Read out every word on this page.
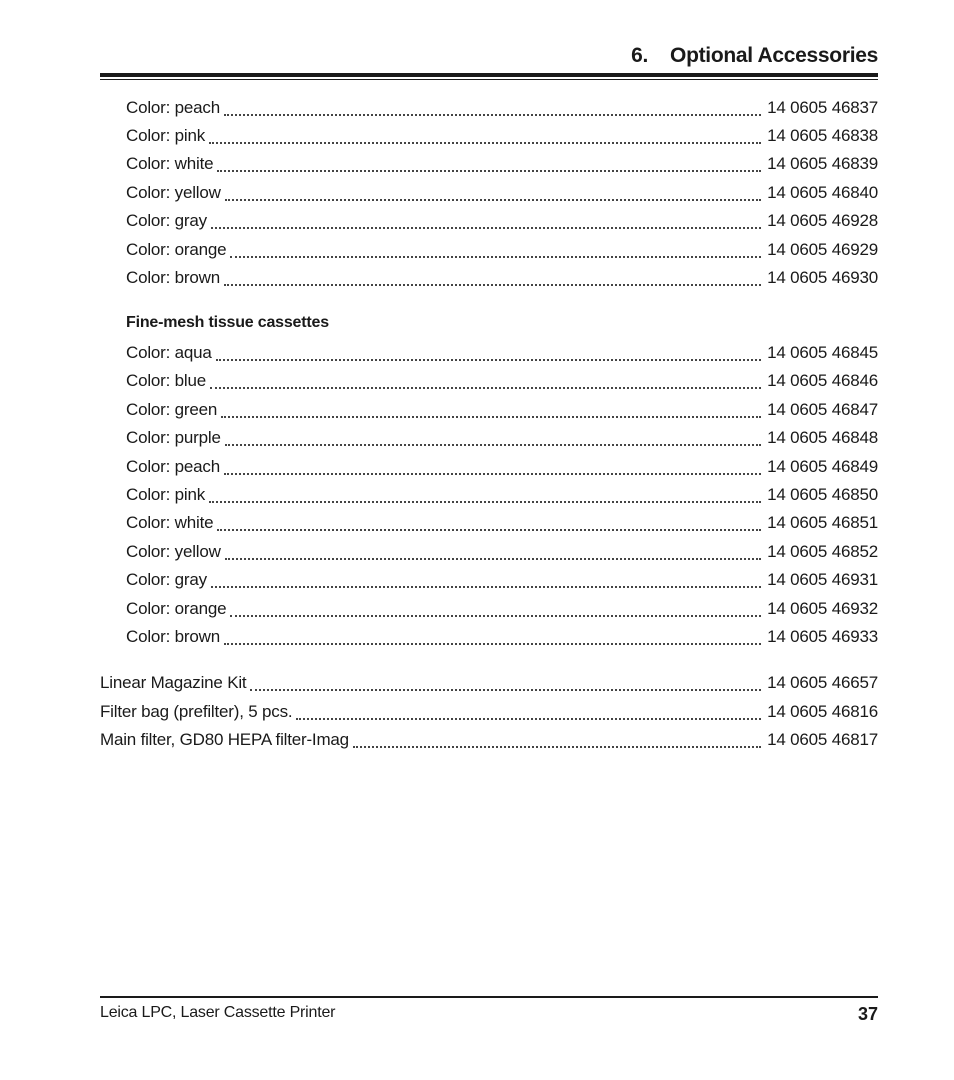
6. Optional Accessories
Color: peach	14 0605 46837
Color: pink	14 0605 46838
Color: white	14 0605 46839
Color: yellow	14 0605 46840
Color: gray	14 0605 46928
Color: orange	14 0605 46929
Color: brown	14 0605 46930
Fine-mesh tissue cassettes
Color: aqua	14 0605 46845
Color: blue	14 0605 46846
Color: green	14 0605 46847
Color: purple	14 0605 46848
Color: peach	14 0605 46849
Color: pink	14 0605 46850
Color: white	14 0605 46851
Color: yellow	14 0605 46852
Color: gray	14 0605 46931
Color: orange	14 0605 46932
Color: brown	14 0605 46933
Linear Magazine Kit	14 0605 46657
Filter bag (prefilter), 5 pcs.	14 0605 46816
Main filter, GD80 HEPA filter-Imag	14 0605 46817
Leica LPC, Laser Cassette Printer	37
